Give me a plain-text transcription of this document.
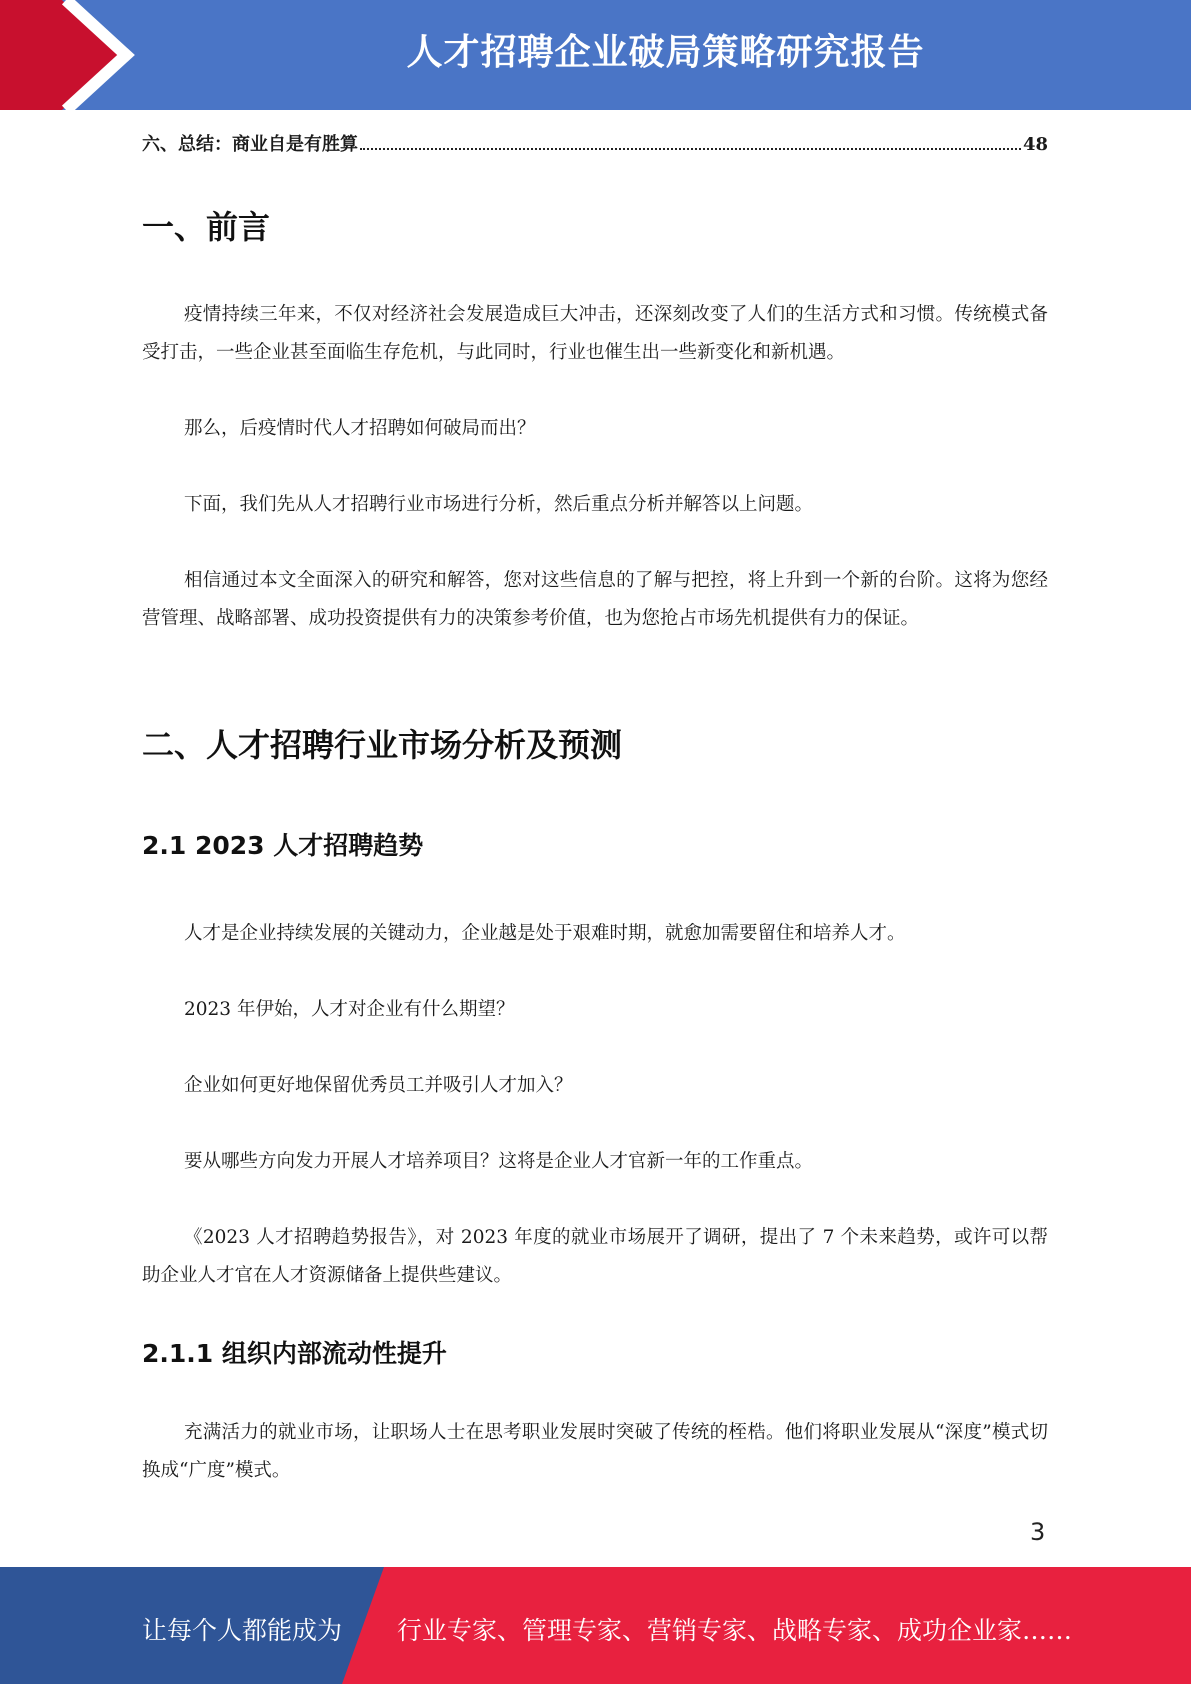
人才招聘企业破局策略研究报告
六、总结：商业自是有胜算	48
一、前言
疫情持续三年来，不仅对经济社会发展造成巨大冲击，还深刻改变了人们的生活方式和习惯。传统模式备受打击，一些企业甚至面临生存危机，与此同时，行业也催生出一些新变化和新机遇。
那么，后疫情时代人才招聘如何破局而出？
下面，我们先从人才招聘行业市场进行分析，然后重点分析并解答以上问题。
相信通过本文全面深入的研究和解答，您对这些信息的了解与把控，将上升到一个新的台阶。这将为您经营管理、战略部署、成功投资提供有力的决策参考价值，也为您抢占市场先机提供有力的保证。
二、人才招聘行业市场分析及预测
2.1 2023 人才招聘趋势
人才是企业持续发展的关键动力，企业越是处于艰难时期，就愈加需要留住和培养人才。
2023 年伊始，人才对企业有什么期望？
企业如何更好地保留优秀员工并吸引人才加入？
要从哪些方向发力开展人才培养项目？这将是企业人才官新一年的工作重点。
《2023 人才招聘趋势报告》，对 2023 年度的就业市场展开了调研，提出了 7 个未来趋势，或许可以帮助企业人才官在人才资源储备上提供些建议。
2.1.1 组织内部流动性提升
充满活力的就业市场，让职场人士在思考职业发展时突破了传统的桎梏。他们将职业发展从“深度”模式切换成“广度”模式。
3
让每个人都能成为 行业专家、管理专家、营销专家、战略专家、成功企业家……
